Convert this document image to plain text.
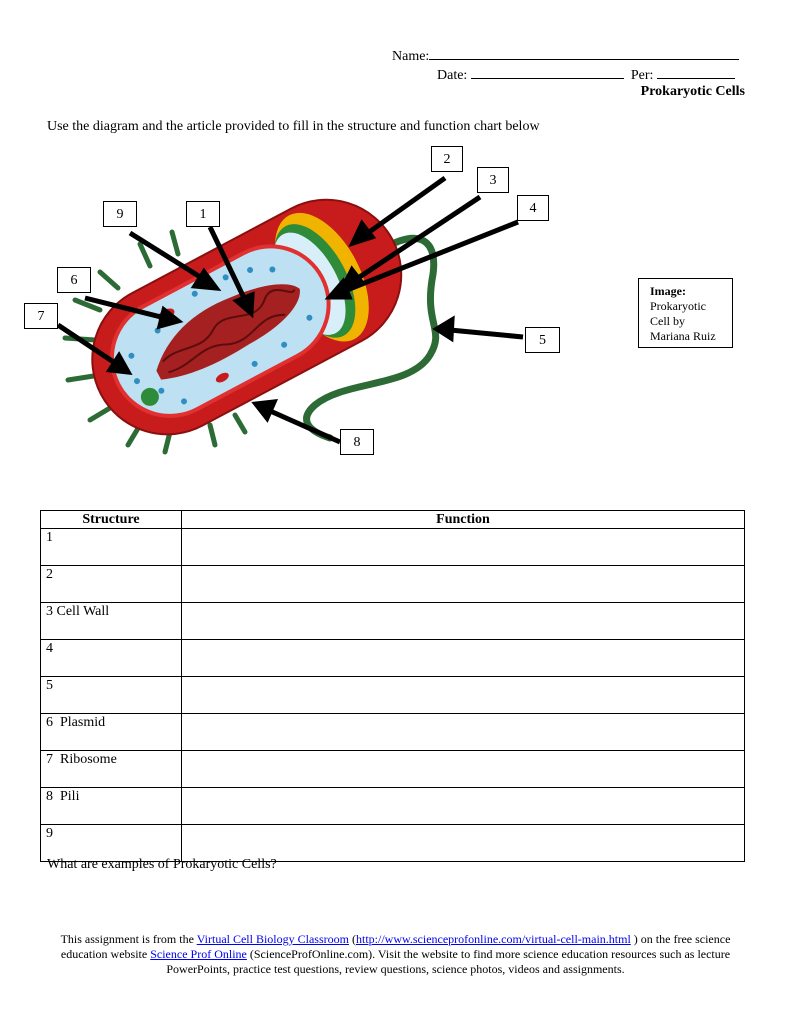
Name:
Date:	Per:
Prokaryotic Cells
Use the diagram and the article provided to fill in the structure and function chart below
2
3
4
9	1
6
7
5
8
Image:
Prokaryotic
Cell by
Mariana Ruiz
Structure	Function
1	
2	
3 Cell Wall	
4	
5	
6  Plasmid	
7  Ribosome	
8  Pili	
9	
What are examples of Prokaryotic Cells?
This assignment is from the Virtual Cell Biology Classroom (http://www.scienceprofonline.com/virtual-cell-main.html ) on the free science education website Science Prof Online (ScienceProfOnline.com). Visit the website to find more science education resources such as lecture PowerPoints, practice test questions, review questions, science photos, videos and assignments.
